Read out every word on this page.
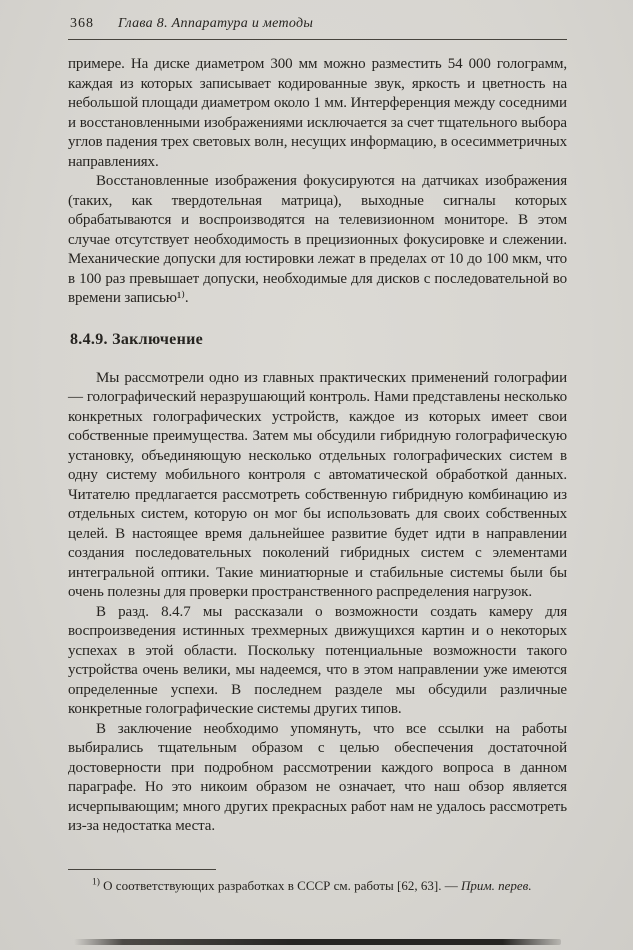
368 Глава 8. Аппаратура и методы

примере. На диске диаметром 300 мм можно разместить 54 000 голограмм, каждая из которых записывает кодированные звук, яркость и цветность на небольшой площади диаметром около 1 мм. Интерференция между соседними и восстановленными изображениями исключается за счет тщательного выбора углов падения трех световых волн, несущих информацию, в осесимметричных направлениях.

Восстановленные изображения фокусируются на датчиках изображения (таких, как твердотельная матрица), выходные сигналы которых обрабатываются и воспроизводятся на телевизионном мониторе. В этом случае отсутствует необходимость в прецизионных фокусировке и слежении. Механические допуски для юстировки лежат в пределах от 10 до 100 мкм, что в 100 раз превышает допуски, необходимые для дисков с последовательной во времени записью¹⁾.

8.4.9. Заключение

Мы рассмотрели одно из главных практических применений голографии — голографический неразрушающий контроль. Нами представлены несколько конкретных голографических устройств, каждое из которых имеет свои собственные преимущества. Затем мы обсудили гибридную голографическую установку, объединяющую несколько отдельных голографических систем в одну систему мобильного контроля с автоматической обработкой данных. Читателю предлагается рассмотреть собственную гибридную комбинацию из отдельных систем, которую он мог бы использовать для своих собственных целей. В настоящее время дальнейшее развитие будет идти в направлении создания последовательных поколений гибридных систем с элементами интегральной оптики. Такие миниатюрные и стабильные системы были бы очень полезны для проверки пространственного распределения нагрузок.

В разд. 8.4.7 мы рассказали о возможности создать камеру для воспроизведения истинных трехмерных движущихся картин и о некоторых успехах в этой области. Поскольку потенциальные возможности такого устройства очень велики, мы надеемся, что в этом направлении уже имеются определенные успехи. В последнем разделе мы обсудили различные конкретные голографические системы других типов.

В заключение необходимо упомянуть, что все ссылки на работы выбирались тщательным образом с целью обеспечения достаточной достоверности при подробном рассмотрении каждого вопроса в данном параграфе. Но это никоим образом не означает, что наш обзор является исчерпывающим; много других прекрасных работ нам не удалось рассмотреть из-за недостатка места.

$^{1)}$ О соответствующих разработках в СССР см. работы [62, 63]. — Прим. перев.
